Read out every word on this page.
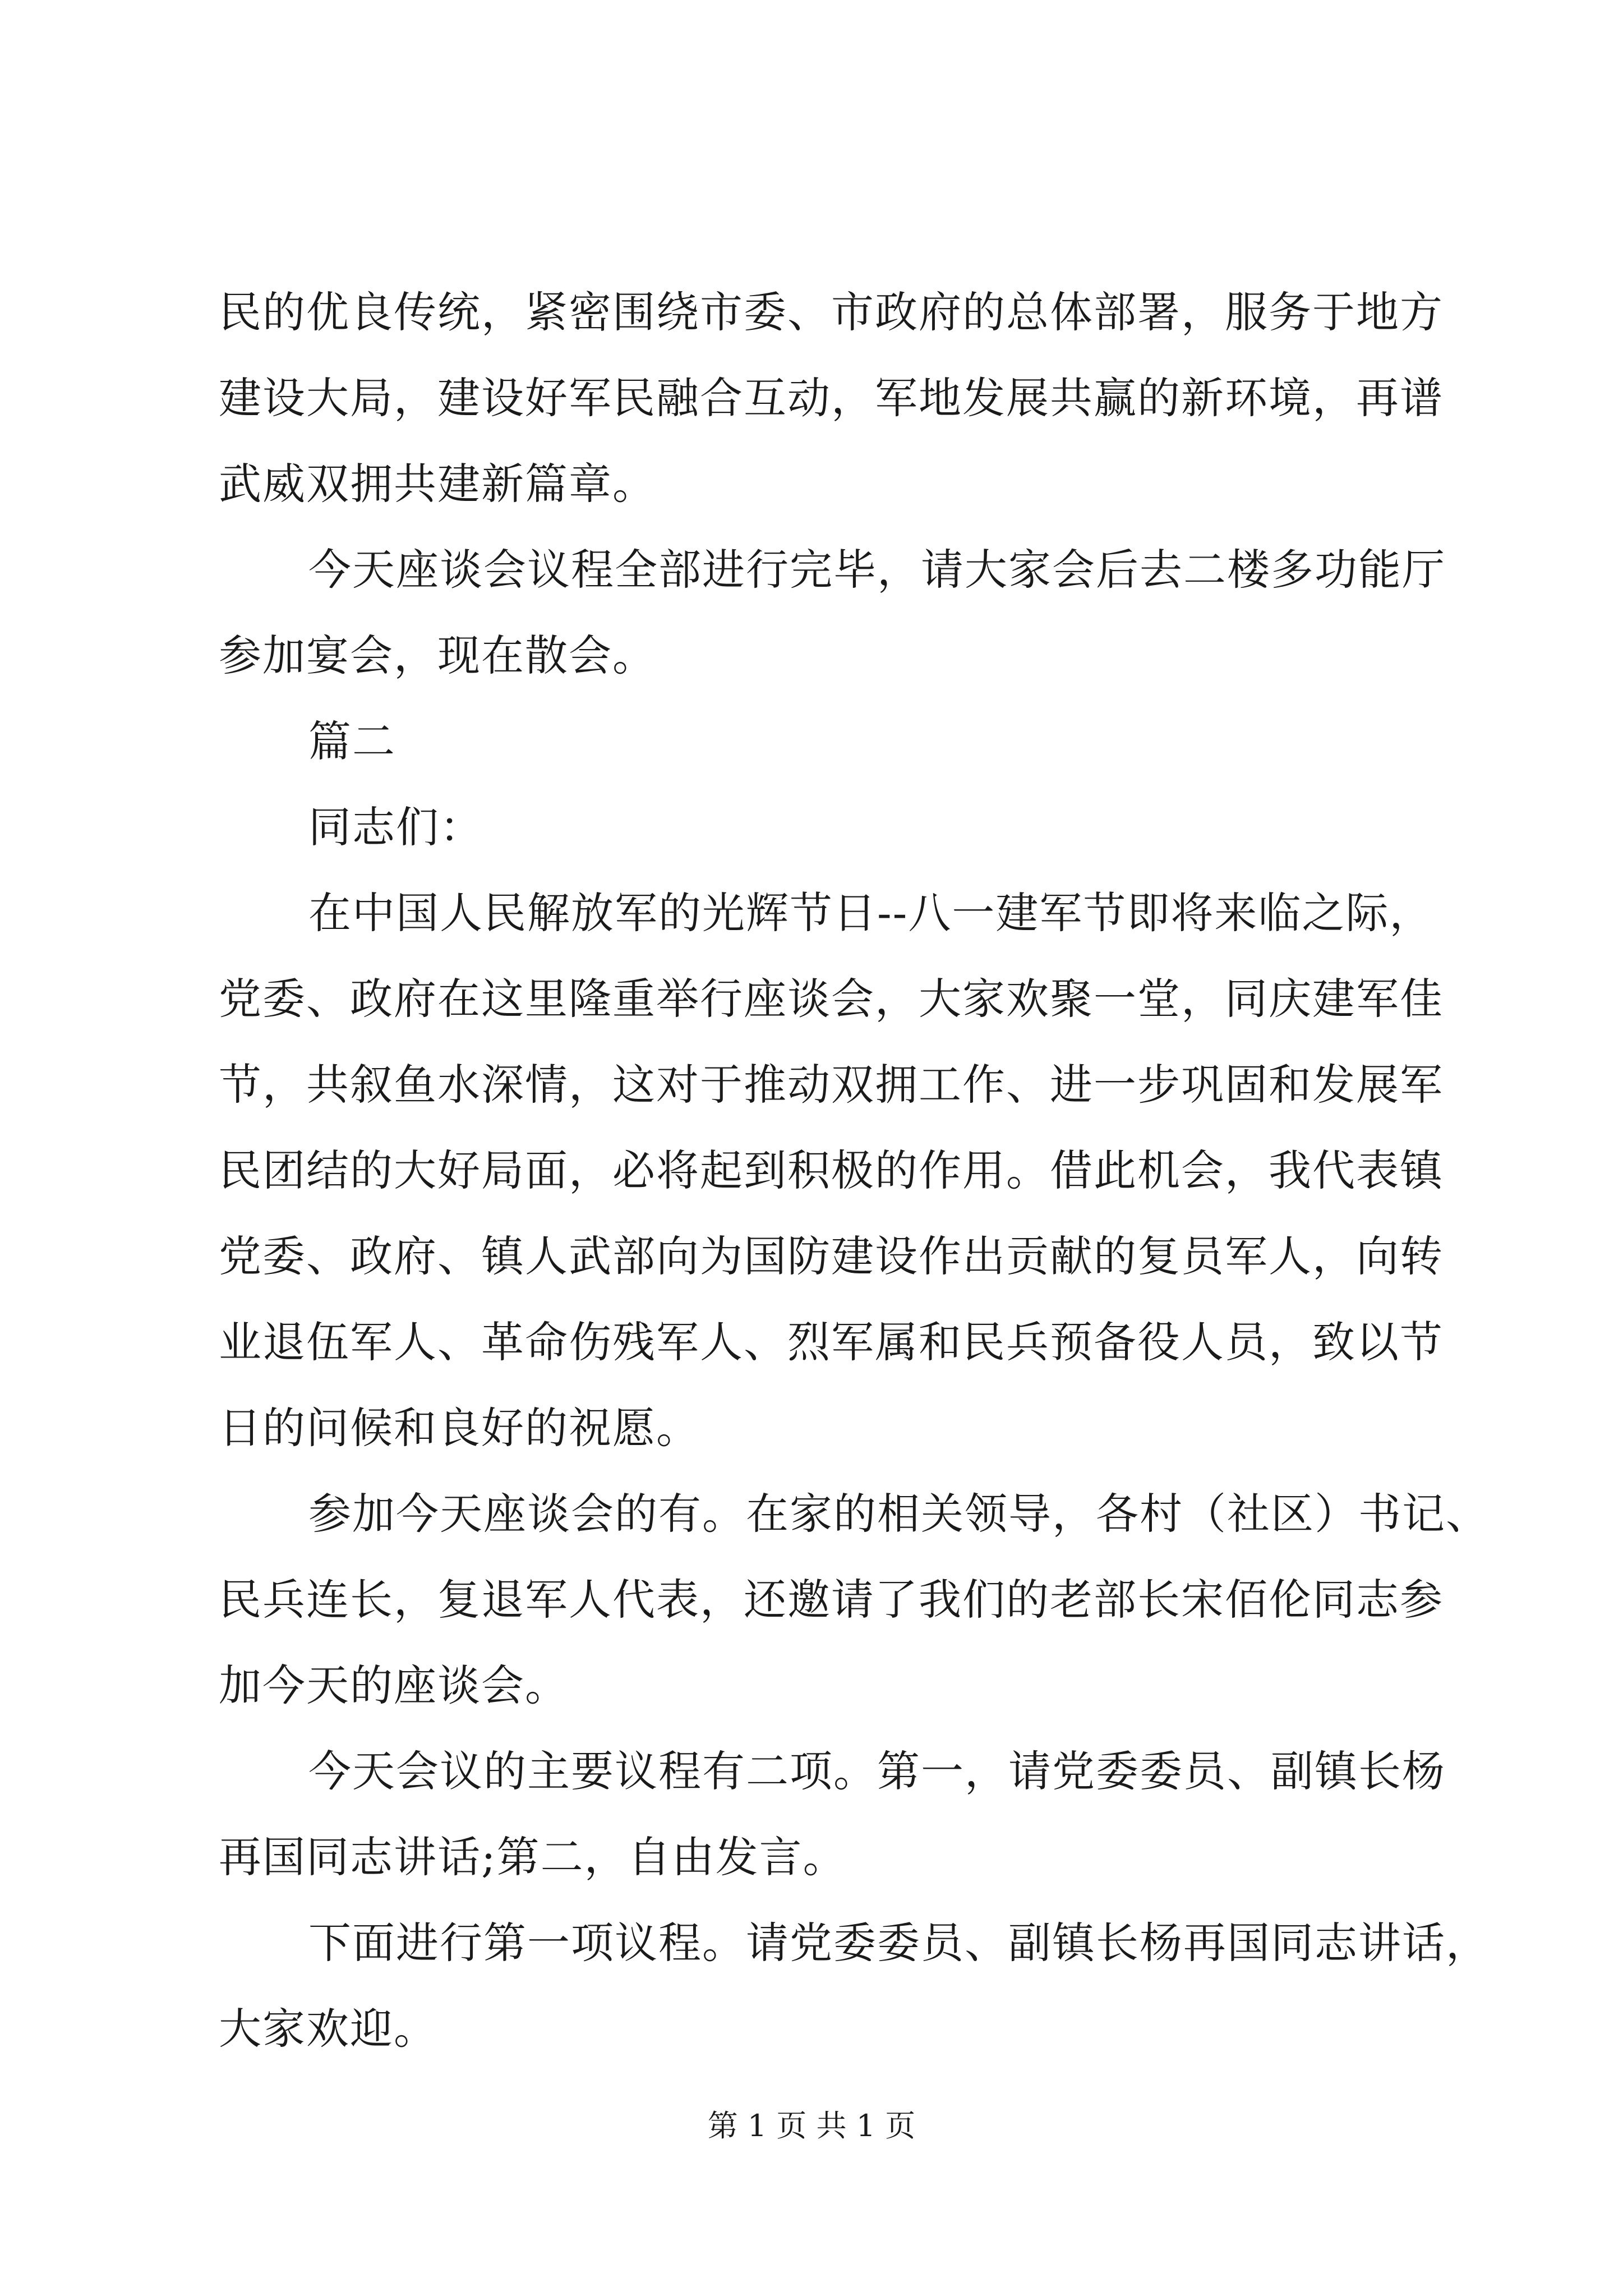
民的优良传统，紧密围绕市委、市政府的总体部署，服务于地方
建设大局，建设好军民融合互动，军地发展共赢的新环境，再谱
武威双拥共建新篇章。
今天座谈会议程全部进行完毕，请大家会后去二楼多功能厅
参加宴会，现在散会。
篇二
同志们：
在中国人民解放军的光辉节日--八一建军节即将来临之际，
党委、政府在这里隆重举行座谈会，大家欢聚一堂，同庆建军佳
节，共叙鱼水深情，这对于推动双拥工作、进一步巩固和发展军
民团结的大好局面，必将起到积极的作用。借此机会，我代表镇
党委、政府、镇人武部向为国防建设作出贡献的复员军人，向转
业退伍军人、革命伤残军人、烈军属和民兵预备役人员，致以节
日的问候和良好的祝愿。
参加今天座谈会的有。在家的相关领导，各村（社区）书记、
民兵连长，复退军人代表，还邀请了我们的老部长宋佰伦同志参
加今天的座谈会。
今天会议的主要议程有二项。第一，请党委委员、副镇长杨
再国同志讲话;第二，自由发言。
下面进行第一项议程。请党委委员、副镇长杨再国同志讲话，
大家欢迎。
第 1 页 共 1 页
